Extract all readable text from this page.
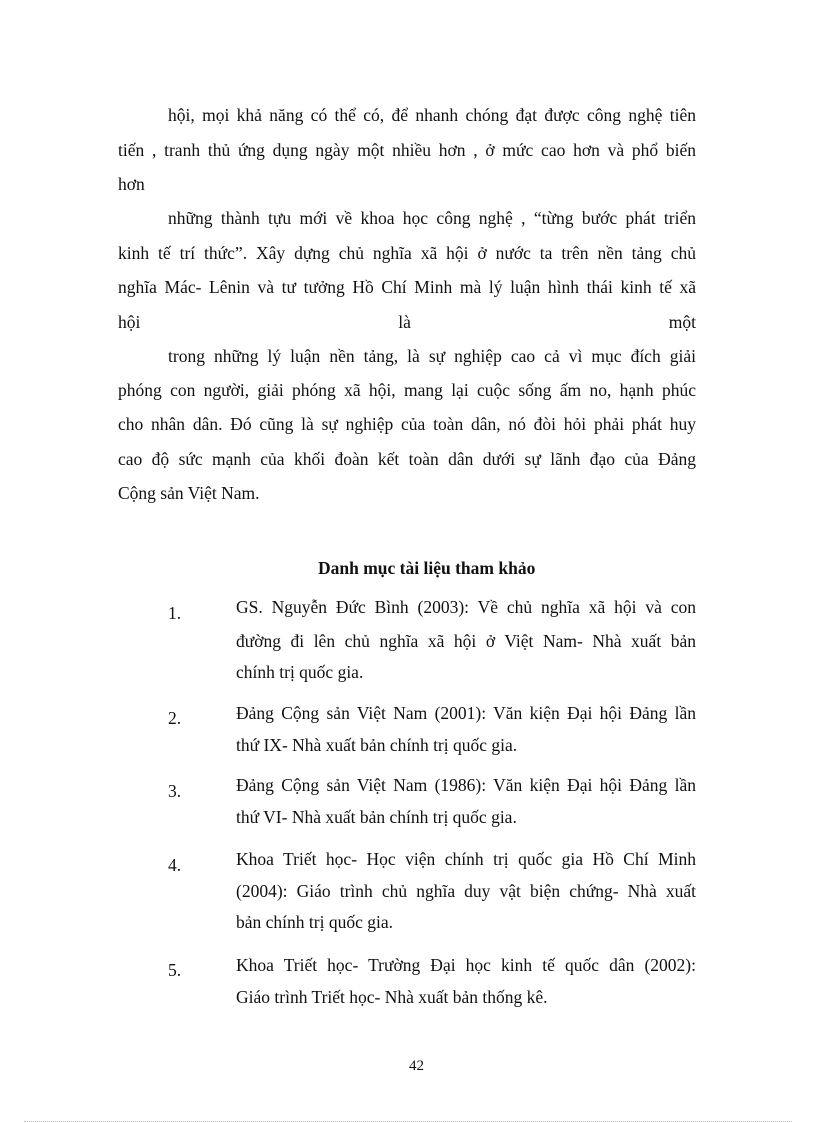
hội, mọi khả năng có thể có, để nhanh chóng đạt được công nghệ tiên
tiến , tranh thủ ứng dụng ngày một nhiều hơn , ở mức cao hơn và phổ biến
hơn
những thành tựu mới về khoa học công nghệ , “từng bước phát triển
kinh tế trí thức”. Xây dựng chủ nghĩa xã hội ở nước ta trên nền tảng chủ
nghĩa Mác- Lênin và tư tưởng Hồ Chí Minh mà lý luận hình thái kinh tế xã
hội	là	một
trong những lý luận nền tảng, là sự nghiệp cao cả vì mục đích giải
phóng con người, giải phóng xã hội, mang lại cuộc sống ấm no, hạnh phúc
cho nhân dân. Đó cũng là sự nghiệp của toàn dân, nó đòi hỏi phải phát huy
cao độ sức mạnh của khối đoàn kết toàn dân dưới sự lãnh đạo của Đảng
Cộng sản Việt Nam.
Danh mục tài liệu tham khảo
1.	GS. Nguyễn Đức Bình (2003): Về chủ nghĩa xã hội và con
đường đi lên chủ nghĩa xã hội ở Việt Nam- Nhà xuất bản
chính trị quốc gia.
2.	Đảng Cộng sản Việt Nam (2001): Văn kiện Đại hội Đảng lần
thứ IX- Nhà xuất bản chính trị quốc gia.
3.	Đảng Cộng sản Việt Nam (1986): Văn kiện Đại hội Đảng lần
thứ VI- Nhà xuất bản chính trị quốc gia.
4.	Khoa Triết học- Học viện chính trị quốc gia Hồ Chí Minh
(2004): Giáo trình chủ nghĩa duy vật biện chứng- Nhà xuất
bản chính trị quốc gia.
5.	Khoa Triết học- Trường Đại học kinh tế quốc dân (2002):
Giáo trình Triết học- Nhà xuất bản thống kê.
42
